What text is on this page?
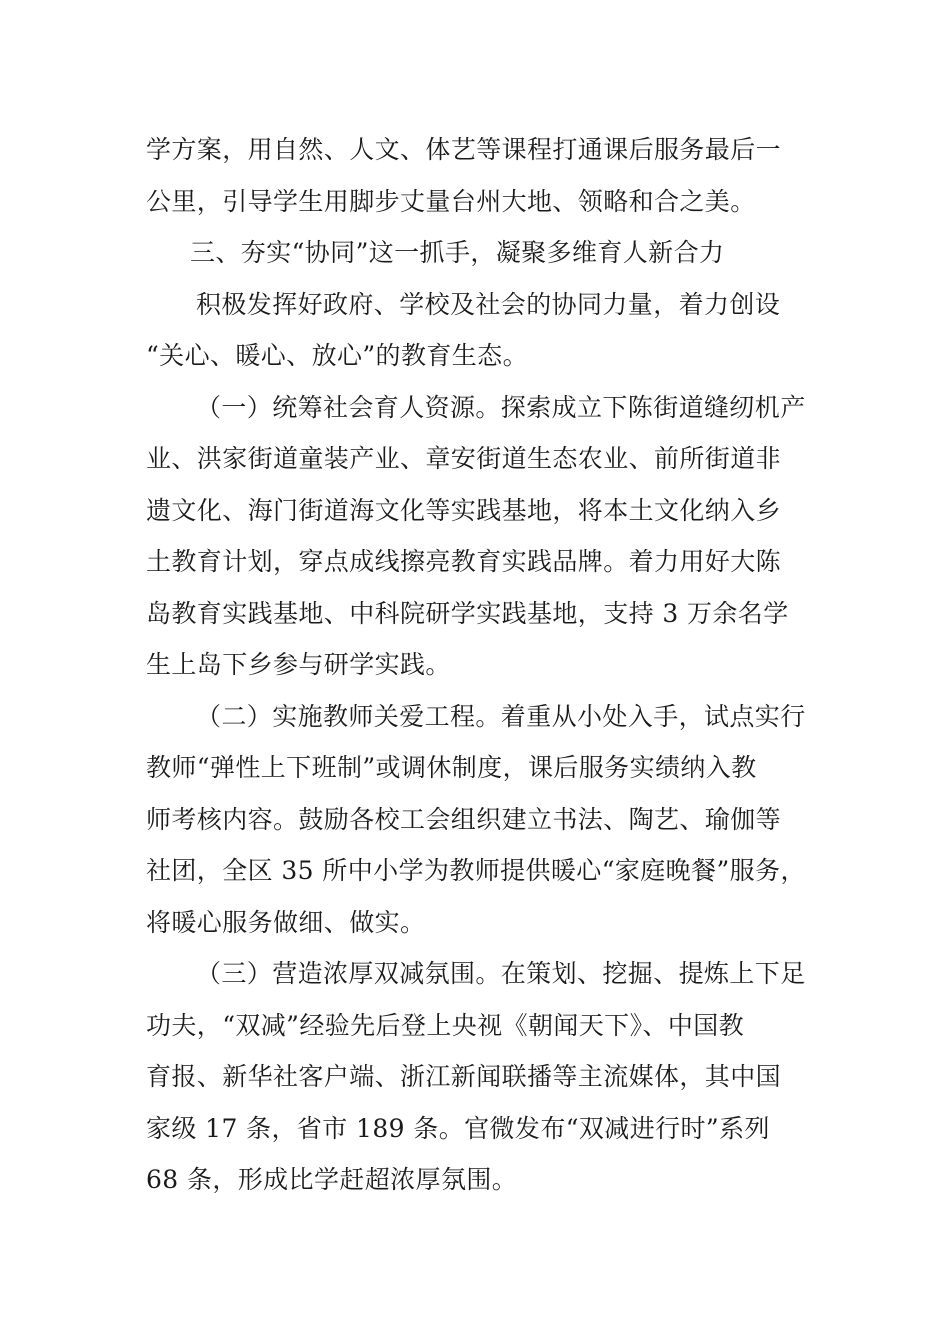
学方案，用自然、人文、体艺等课程打通课后服务最后一
公里，引导学生用脚步丈量台州大地、领略和合之美。
三、夯实“协同”这一抓手，凝聚多维育人新合力
积极发挥好政府、学校及社会的协同力量，着力创设
“关心、暖心、放心”的教育生态。
（一）统筹社会育人资源。探索成立下陈街道缝纫机产
业、洪家街道童装产业、章安街道生态农业、前所街道非
遗文化、海门街道海文化等实践基地，将本土文化纳入乡
土教育计划，穿点成线擦亮教育实践品牌。着力用好大陈
岛教育实践基地、中科院研学实践基地，支持 3 万余名学
生上岛下乡参与研学实践。
（二）实施教师关爱工程。着重从小处入手，试点实行
教师“弹性上下班制”或调休制度，课后服务实绩纳入教
师考核内容。鼓励各校工会组织建立书法、陶艺、瑜伽等
社团，全区 35 所中小学为教师提供暖心“家庭晚餐”服务，
将暖心服务做细、做实。
（三）营造浓厚双减氛围。在策划、挖掘、提炼上下足
功夫，“双减”经验先后登上央视《朝闻天下》、中国教
育报、新华社客户端、浙江新闻联播等主流媒体，其中国
家级 17 条，省市 189 条。官微发布“双减进行时”系列
68 条，形成比学赶超浓厚氛围。
